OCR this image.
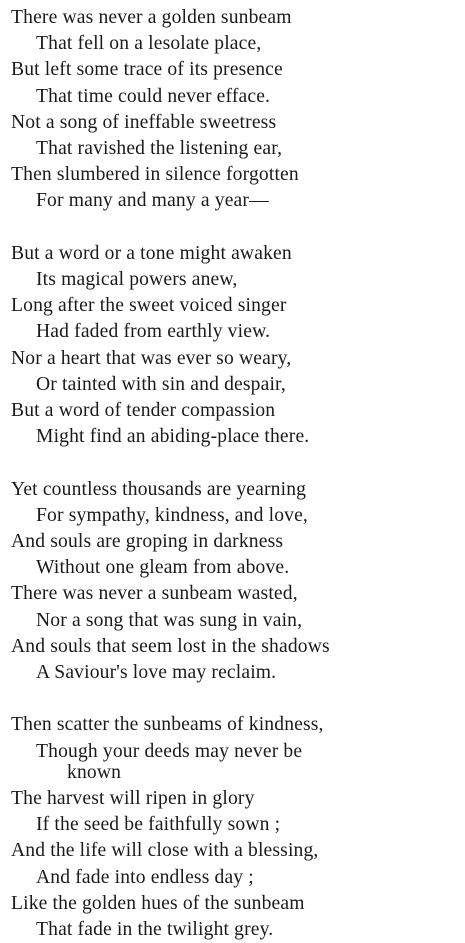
There was never a golden sunbeam
That fell on a lesolate place,
But left some trace of its presence
That time could never efface.
Not a song of ineffable sweetress
That ravished the listening ear,
Then slumbered in silence forgotten
For many and many a year—
But a word or a tone might awaken
Its magical powers anew,
Long after the sweet voiced singer
Had faded from earthly view.
Nor a heart that was ever so weary,
Or tainted with sin and despair,
But a word of tender compassion
Might find an abiding-place there.
Yet countless thousands are yearning
For sympathy, kindness, and love,
And souls are groping in darkness
Without one gleam from above.
There was never a sunbeam wasted,
Nor a song that was sung in vain,
And souls that seem lost in the shadows
A Saviour's love may reclaim.
Then scatter the sunbeams of kindness,
Though your deeds may never be
known
The harvest will ripen in glory
If the seed be faithfully sown ;
And the life will close with a blessing,
And fade into endless day ;
Like the golden hues of the sunbeam
That fade in the twilight grey.
